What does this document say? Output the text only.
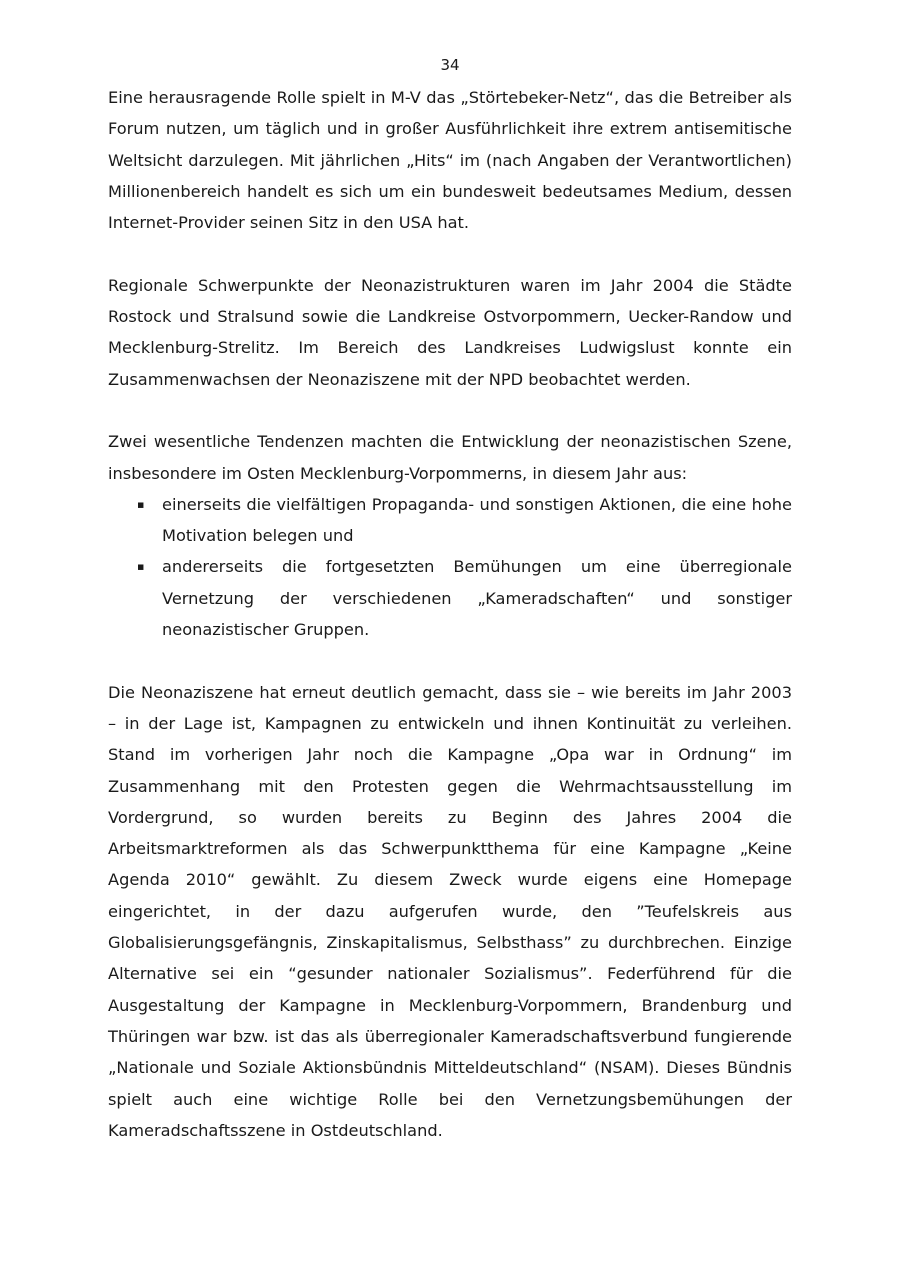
34

Eine herausragende Rolle spielt in M-V das „Störtebeker-Netz“, das die Betreiber als Forum nutzen, um täglich und in großer Ausführlichkeit ihre extrem antisemitische Weltsicht darzulegen. Mit jährlichen „Hits“ im (nach Angaben der Verantwortlichen) Millionenbereich handelt es sich um ein bundesweit bedeutsames Medium, dessen Internet-Provider seinen Sitz in den USA hat.

Regionale Schwerpunkte der Neonazistrukturen waren im Jahr 2004 die Städte Rostock und Stralsund sowie die Landkreise Ostvorpommern, Uecker-Randow und Mecklenburg-Strelitz. Im Bereich des Landkreises Ludwigslust konnte ein Zusammenwachsen der Neonaziszene mit der NPD beobachtet werden.

Zwei wesentliche Tendenzen machten die Entwicklung der neonazistischen Szene, insbesondere im Osten Mecklenburg-Vorpommerns, in diesem Jahr aus:

▪ einerseits die vielfältigen Propaganda- und sonstigen Aktionen, die eine hohe Motivation belegen und
▪ andererseits die fortgesetzten Bemühungen um eine überregionale Vernetzung der verschiedenen „Kameradschaften“ und sonstiger neonazistischer Gruppen.

Die Neonaziszene hat erneut deutlich gemacht, dass sie – wie bereits im Jahr 2003 – in der Lage ist, Kampagnen zu entwickeln und ihnen Kontinuität zu verleihen. Stand im vorherigen Jahr noch die Kampagne „Opa war in Ordnung“ im Zusammenhang mit den Protesten gegen die Wehrmachtsausstellung im Vordergrund, so wurden bereits zu Beginn des Jahres 2004 die Arbeitsmarktreformen als das Schwerpunktthema für eine Kampagne „Keine Agenda 2010“ gewählt. Zu diesem Zweck wurde eigens eine Homepage eingerichtet, in der dazu aufgerufen wurde, den ”Teufelskreis aus Globalisierungsgefängnis, Zinskapitalismus, Selbsthass” zu durchbrechen. Einzige Alternative sei ein “gesunder nationaler Sozialismus”. Federführend für die Ausgestaltung der Kampagne in Mecklenburg-Vorpommern, Brandenburg und Thüringen war bzw. ist das als überregionaler Kameradschaftsverbund fungierende „Nationale und Soziale Aktionsbündnis Mitteldeutschland“ (NSAM). Dieses Bündnis spielt auch eine wichtige Rolle bei den Vernetzungsbemühungen der Kameradschaftsszene in Ostdeutschland.
